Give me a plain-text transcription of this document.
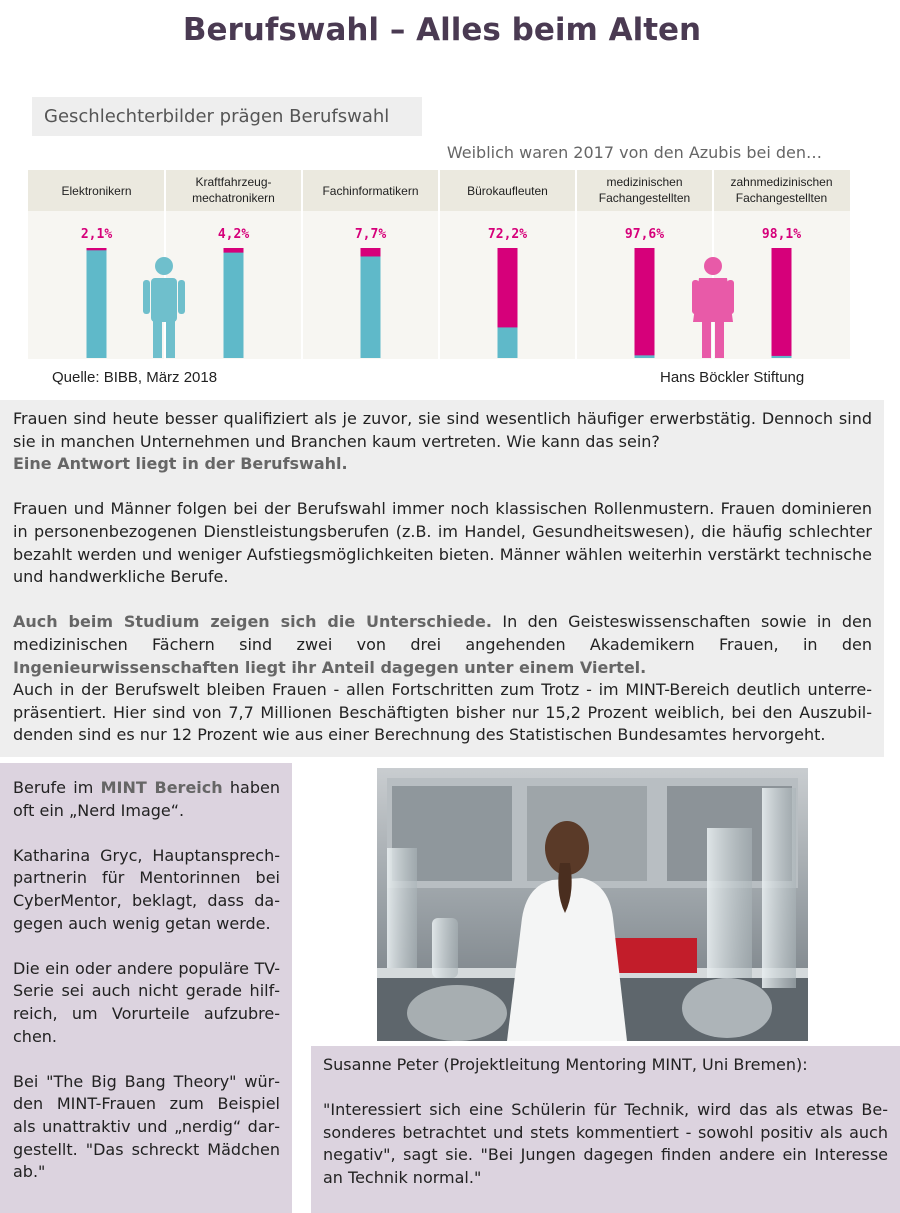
Berufswahl – Alles beim Alten
Geschlechterbilder prägen Berufswahl
Weiblich waren 2017 von den Azubis bei den…
Elektronikern
2,1%
Kraftfahrzeug-mechatronikern
4,2%
Fachinformatikern
7,7%
Bürokaufleuten
72,2%
medizinischen Fachangestellten
97,6%
zahnmedizinischen Fachangestellten
98,1%
Quelle: BIBB, März 2018	Hans Böckler Stiftung

Frauen sind heute besser qualifiziert als je zuvor, sie sind wesentlich häufiger erwerbstätig. Dennoch sind sie in manchen Unternehmen und Branchen kaum vertreten. Wie kann das sein?
Eine Antwort liegt in der Berufswahl.

Frauen und Männer folgen bei der Berufswahl immer noch klassischen Rollenmustern. Frauen dominieren in personenbezogenen Dienstleistungsberufen (z.B. im Handel, Gesundheitswesen), die häufig schlechter bezahlt werden und weniger Aufstiegsmöglichkeiten bieten. Männer wählen weiterhin verstärkt technische und handwerkliche Berufe.

Auch beim Studium zeigen sich die Unterschiede. In den Geisteswissenschaften sowie in den medizinischen Fächern sind zwei von drei angehenden Akademikern Frauen, in den Ingenieurwissenschaften liegt ihr Anteil dagegen unter einem Viertel.

Auch in der Berufswelt bleiben Frauen - allen Fortschritten zum Trotz - im MINT-Bereich deutlich unterrepräsentiert. Hier sind von 7,7 Millionen Beschäftigten bisher nur 15,2 Prozent weiblich, bei den Auszubildenden sind es nur 12 Prozent wie aus einer Berechnung des Statistischen Bundesamtes hervorgeht.

Berufe im MINT Bereich haben oft ein „Nerd Image“.

Katharina Gryc, Hauptansprechpartnerin für Mentorinnen bei CyberMentor, beklagt, dass dagegen auch wenig getan werde.

Die ein oder andere populäre TV-Serie sei auch nicht gerade hilfreich, um Vorurteile aufzubrechen.

Bei "The Big Bang Theory" würden MINT-Frauen zum Beispiel als unattraktiv und „nerdig“ dargestellt. "Das schreckt Mädchen ab."

Susanne Peter (Projektleitung Mentoring MINT, Uni Bremen):

"Interessiert sich eine Schülerin für Technik, wird das als etwas Besonderes betrachtet und stets kommentiert - sowohl positiv als auch negativ", sagt sie. "Bei Jungen dagegen finden andere ein Interesse an Technik normal."
